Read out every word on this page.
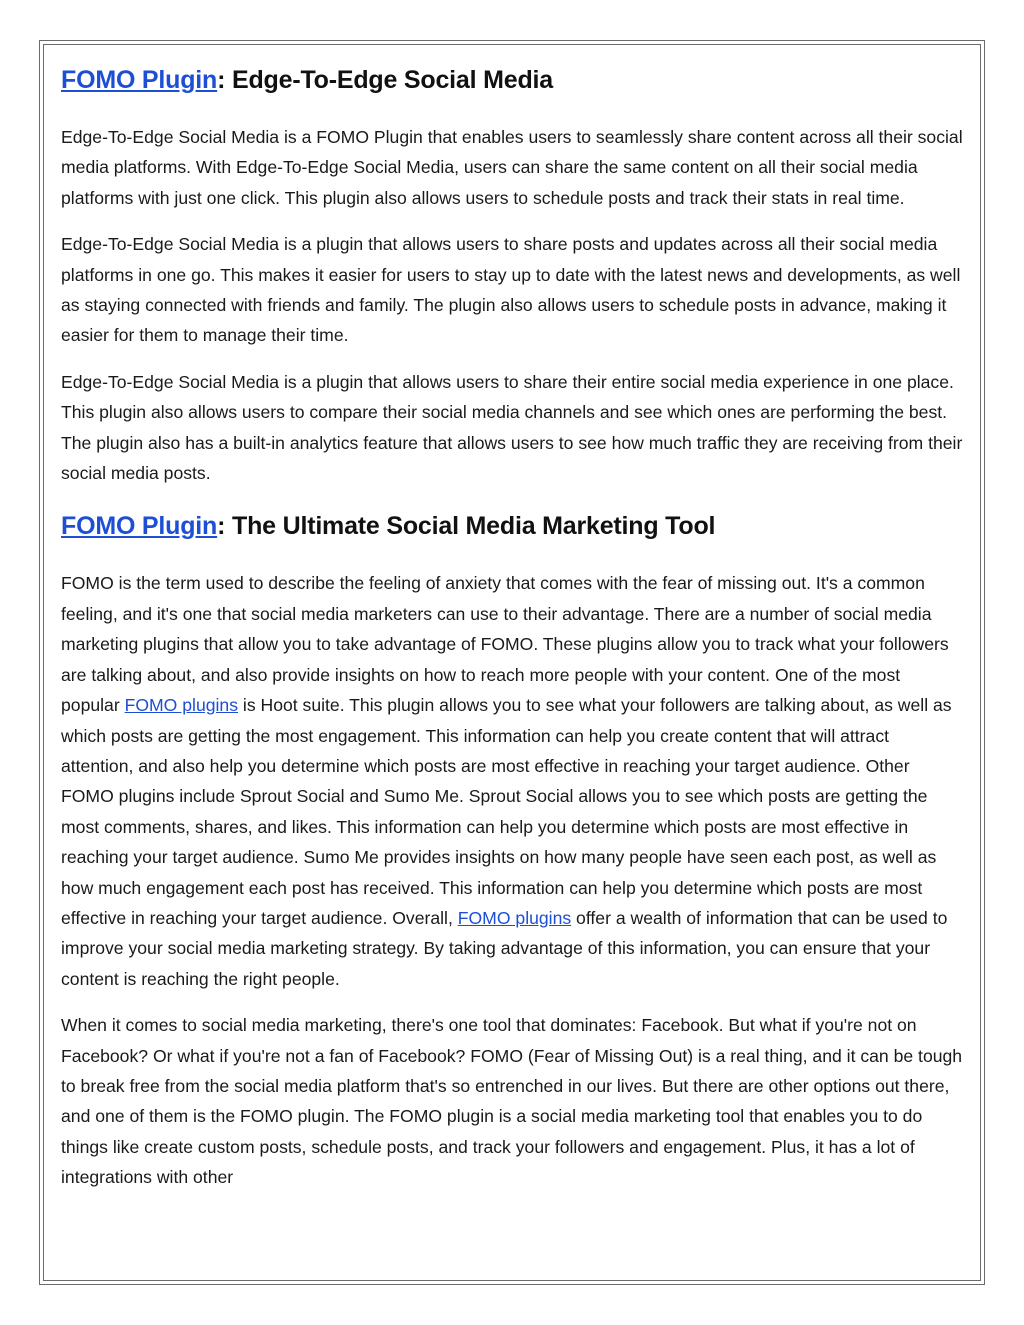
FOMO Plugin: Edge-To-Edge Social Media

Edge-To-Edge Social Media is a FOMO Plugin that enables users to seamlessly share content across all their social media platforms. With Edge-To-Edge Social Media, users can share the same content on all their social media platforms with just one click. This plugin also allows users to schedule posts and track their stats in real time.

Edge-To-Edge Social Media is a plugin that allows users to share posts and updates across all their social media platforms in one go. This makes it easier for users to stay up to date with the latest news and developments, as well as staying connected with friends and family. The plugin also allows users to schedule posts in advance, making it easier for them to manage their time.

Edge-To-Edge Social Media is a plugin that allows users to share their entire social media experience in one place. This plugin also allows users to compare their social media channels and see which ones are performing the best. The plugin also has a built-in analytics feature that allows users to see how much traffic they are receiving from their social media posts.

FOMO Plugin: The Ultimate Social Media Marketing Tool

FOMO is the term used to describe the feeling of anxiety that comes with the fear of missing out. It's a common feeling, and it's one that social media marketers can use to their advantage. There are a number of social media marketing plugins that allow you to take advantage of FOMO. These plugins allow you to track what your followers are talking about, and also provide insights on how to reach more people with your content. One of the most popular FOMO plugins is Hoot suite. This plugin allows you to see what your followers are talking about, as well as which posts are getting the most engagement. This information can help you create content that will attract attention, and also help you determine which posts are most effective in reaching your target audience. Other FOMO plugins include Sprout Social and Sumo Me. Sprout Social allows you to see which posts are getting the most comments, shares, and likes. This information can help you determine which posts are most effective in reaching your target audience. Sumo Me provides insights on how many people have seen each post, as well as how much engagement each post has received. This information can help you determine which posts are most effective in reaching your target audience. Overall, FOMO plugins offer a wealth of information that can be used to improve your social media marketing strategy. By taking advantage of this information, you can ensure that your content is reaching the right people.

When it comes to social media marketing, there's one tool that dominates: Facebook. But what if you're not on Facebook? Or what if you're not a fan of Facebook? FOMO (Fear of Missing Out) is a real thing, and it can be tough to break free from the social media platform that's so entrenched in our lives. But there are other options out there, and one of them is the FOMO plugin. The FOMO plugin is a social media marketing tool that enables you to do things like create custom posts, schedule posts, and track your followers and engagement. Plus, it has a lot of integrations with other
